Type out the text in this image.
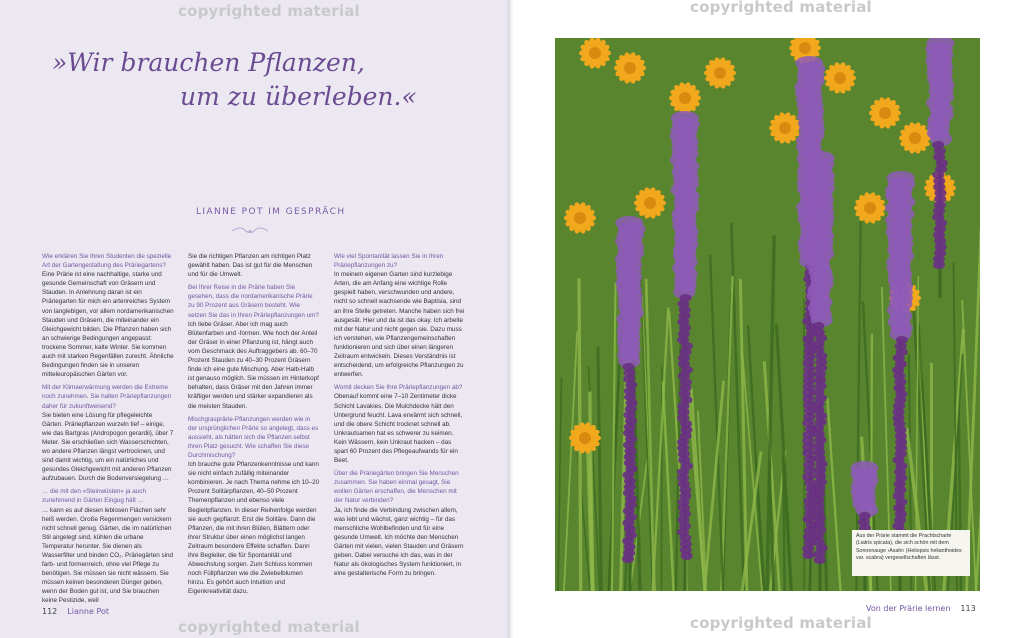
copyrighted material	copyrighted material
copyrighted material	copyrighted material
»Wir brauchen Pflanzen,
um zu überleben.«
LIANNE POT IM GESPRÄCH

Wie erklären Sie Ihren Studenten die spezielle Art der Gartengestaltung des Präriegartens?

Eine Prärie ist eine nachhaltige, starke und gesunde Gemeinschaft von Gräsern und Stauden. In Anlehnung daran ist ein Präriegarten für mich ein artenreiches System von langlebigen, vor allem nordamerikanischen Stauden und Gräsern, die miteinander ein Gleichgewicht bilden. Die Pflanzen haben sich an schwierige Bedingungen angepasst: trockene Sommer, kalte Winter. Sie kommen auch mit starken Regenfällen zurecht. Ähnliche Bedingungen finden sie in unseren mitteleuropäischen Gärten vor.

Mit der Klimaerwärmung werden die Extreme noch zunehmen. Sie halten Präriepflanzungen daher für zukunftweisend?

Sie bieten eine Lösung für pflegeleichte Gärten. Präriepflanzen wurzeln tief – einige, wie das Bartgras (Andropogon gerardii), über 7 Meter. Sie erschließen sich Wasserschichten, wo andere Pflanzen längst vertrocknen, und sind damit wichtig, um ein natürliches und gesundes Gleichgewicht mit anderen Pflanzen aufzubauen. Durch die Bodenversiegelung …

… die mit den »Steinwüsten« ja auch zunehmend in Gärten Eingug hält …

… kann es auf diesen leblosen Flächen sehr heiß werden. Große Regenmengen versickern nicht schnell genug. Gärten, die im natürlichen Stil angelegt sind, kühlen die urbane Temperatur herunter. Sie dienen als Wasserfilter und binden CO₂. Präriegärten sind farb- und formenreich, ohne viel Pflege zu benötigen. Sie müssen sie nicht wässern. Sie müssen keinen besonderen Dünger geben, wenn der Boden gut ist, und Sie brauchen keine Pestizide, weil

Sie die richtigen Pflanzen am richtigen Platz gewählt haben. Das ist gut für die Menschen und für die Umwelt.

Bei Ihrer Reise in die Prärie haben Sie gesehen, dass die nordamerikanische Prärie zu 90 Prozent aus Gräsern besteht. Wie setzen Sie das in Ihren Präriepflanzungen um?

Ich liebe Gräser. Aber ich mag auch Blütenfarben und -formen. Wie hoch der Anteil der Gräser in einer Pflanzung ist, hängt auch vom Geschmack des Auftraggebers ab. 60–70 Prozent Stauden zu 40–30 Prozent Gräsern finde ich eine gute Mischung. Aber Halb-Halb ist genauso möglich. Sie müssen im Hinterkopf behalten, dass Gräser mit den Jahren immer kräftiger werden und stärker expandieren als die meisten Stauden.

Mischgrasprärie-Pflanzungen werden wie in der ursprünglichen Prärie so angelegt, dass es aussieht, als hätten sich die Pflanzen selbst ihren Platz gesucht. Wie schaffen Sie diese Durchmischung?

Ich brauche gute Pflanzenkenntnisse und kann sie nicht einfach zufällig miteinander kombinieren. Je nach Thema nehme ich 10–20 Prozent Solitärpflanzen, 40–50 Prozent Themenpflanzen und ebenso viele Begleitpflanzen. In dieser Reihenfolge werden sie auch gepflanzt: Erst die Solitäre. Dann die Pflanzen, die mit ihren Blüten, Blättern oder ihrer Struktur über einen möglichst langen Zeitraum besondere Effekte schaffen. Dann ihre Begleiter, die für Spontanität und Abwechslung sorgen. Zum Schluss kommen noch Füllpflanzen wie die Zwiebelblumen hinzu. Es gehört auch Intuition und Eigenkreativität dazu.

Wie viel Spontanität lassen Sie in Ihren Präriepflanzungen zu?

In meinem eigenen Garten sind kurzlebige Arten, die am Anfang eine wichtige Rolle gespielt haben, verschwunden und andere, nicht so schnell wachsende wie Baptisia, sind an ihre Stelle getreten. Manche haben sich frei ausgesät. Hier und da ist das okay. Ich arbeite mit der Natur und nicht gegen sie. Dazu muss ich verstehen, wie Pflanzengemeinschaften funktionieren und sich über einen längeren Zeitraum entwickeln. Dieses Verständnis ist entscheidend, um erfolgreiche Pflanzungen zu entwerfen.

Womit decken Sie Ihre Präriepflanzungen ab?

Obenauf kommt eine 7–10 Zentimeter dicke Schicht Lavakies. Die Mulchdecke hält den Untergrund feucht. Lava erwärmt sich schnell, und die obere Schicht trocknet schnell ab. Unkrautsamen hat es schwerer zu keimen. Kein Wässern, kein Unkraut hacken – das spart 60 Prozent des Pflegeaufwands für ein Beet.

Über die Präriegärten bringen Sie Menschen zusammen. Sie haben einmal gesagt, Sie wollen Gärten erschaffen, die Menschen mit der Natur verbinden?

Ja, ich finde die Verbindung zwischen allem, was lebt und wächst, ganz wichtig – für das menschliche Wohlbefinden und für eine gesunde Umwelt. Ich möchte den Menschen Gärten mit vielen, vielen Stauden und Gräsern geben. Dabei versuche ich das, was in der Natur als ökologisches System funktioniert, in eine gestalterische Form zu bringen.

112 Lianne Pot	Von der Prärie lernen 113
Aus der Prärie stammt die Prachtscharte (Liatris spicata), die sich schön mit dem Sonnenauge ›Asahi‹ (Heliopsis helianthoides var. scabra) vergesellschaften lässt.
